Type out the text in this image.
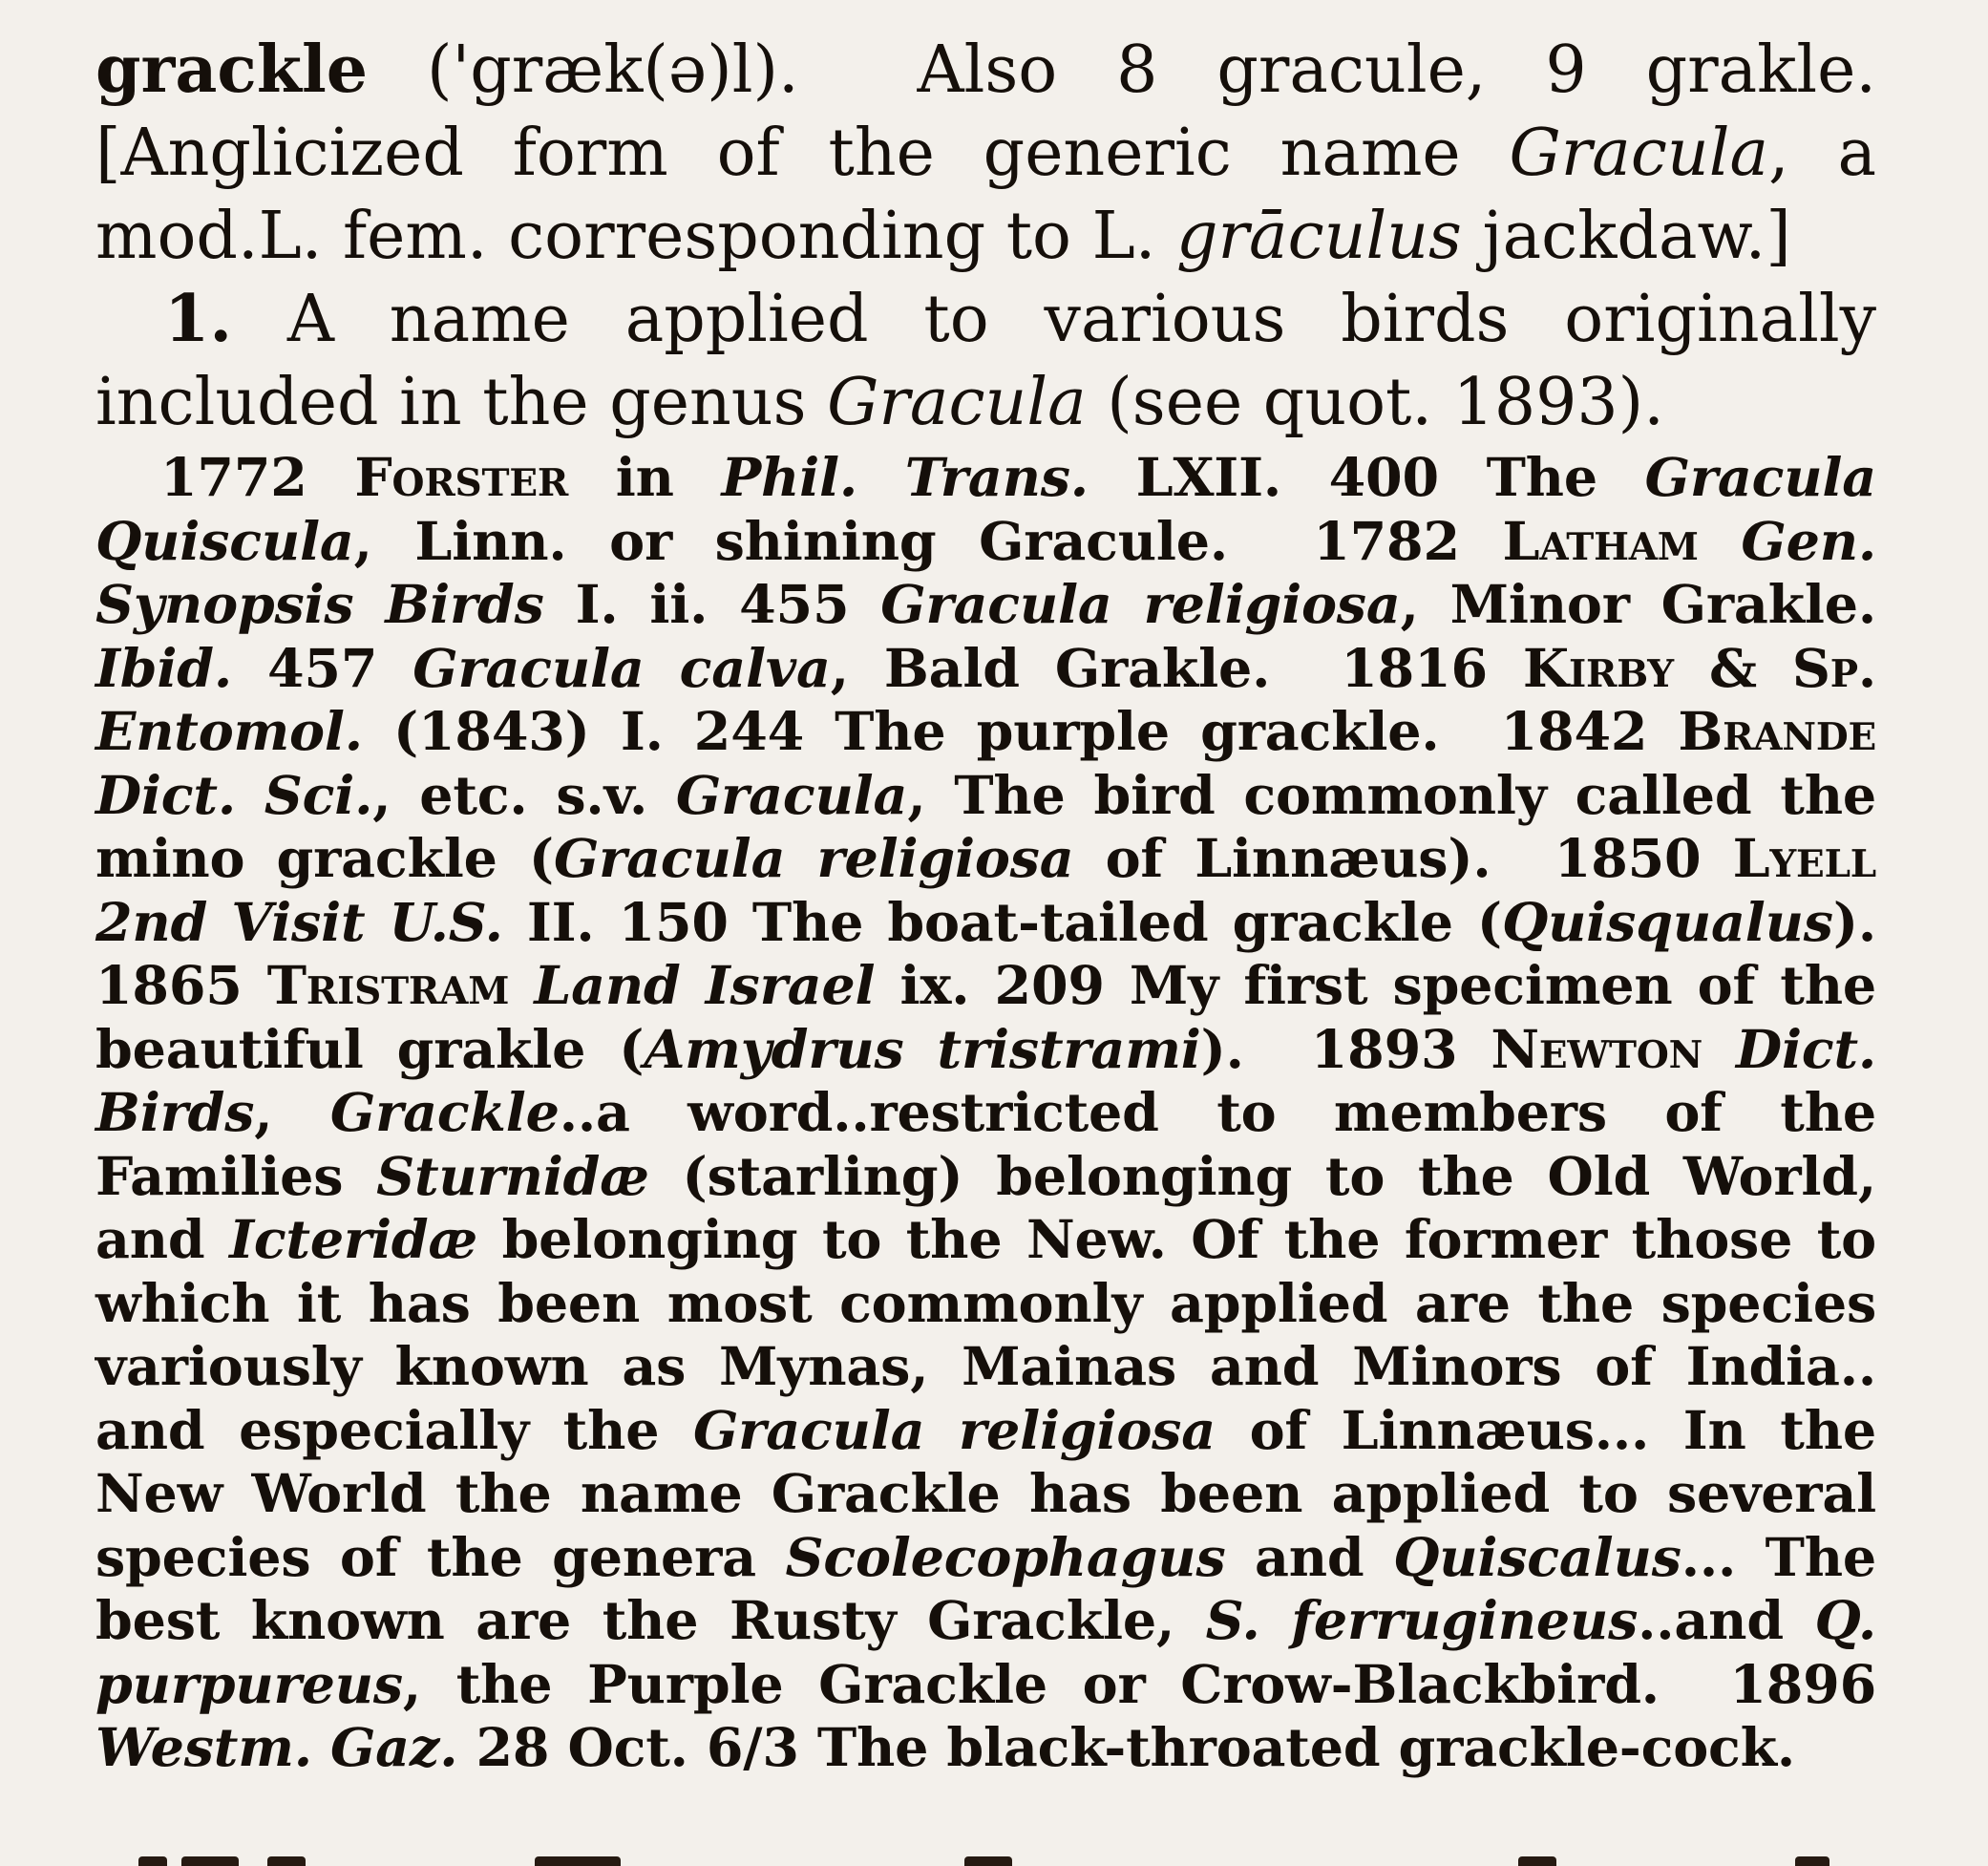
grackle ('græk(ə)l). Also 8 gracule, 9 grakle. [Anglicized form of the generic name Gracula, a mod.L. fem. corresponding to L. grāculus jackdaw.]

1. A name applied to various birds originally included in the genus Gracula (see quot. 1893).

1772 Forster in Phil. Trans. LXII. 400 The Gracula Quiscula, Linn. or shining Gracule. 1782 Latham Gen. Synopsis Birds I. ii. 455 Gracula religiosa, Minor Grakle. Ibid. 457 Gracula calva, Bald Grakle. 1816 Kirby & Sp. Entomol. (1843) I. 244 The purple grackle. 1842 Brande Dict. Sci., etc. s.v. Gracula, The bird commonly called the mino grackle (Gracula religiosa of Linnæus). 1850 Lyell 2nd Visit U.S. II. 150 The boat-tailed grackle (Quisqualus). 1865 Tristram Land Israel ix. 209 My first specimen of the beautiful grakle (Amydrus tristrami). 1893 Newton Dict. Birds, Grackle..a word..restricted to members of the Families Sturnidæ (starling) belonging to the Old World, and Icteridæ belonging to the New. Of the former those to which it has been most commonly applied are the species variously known as Mynas, Mainas and Minors of India.. and especially the Gracula religiosa of Linnæus... In the New World the name Grackle has been applied to several species of the genera Scolecophagus and Quiscalus... The best known are the Rusty Grackle, S. ferrugineus..and Q. purpureus, the Purple Grackle or Crow-Blackbird. 1896 Westm. Gaz. 28 Oct. 6/3 The black-throated grackle-cock.
